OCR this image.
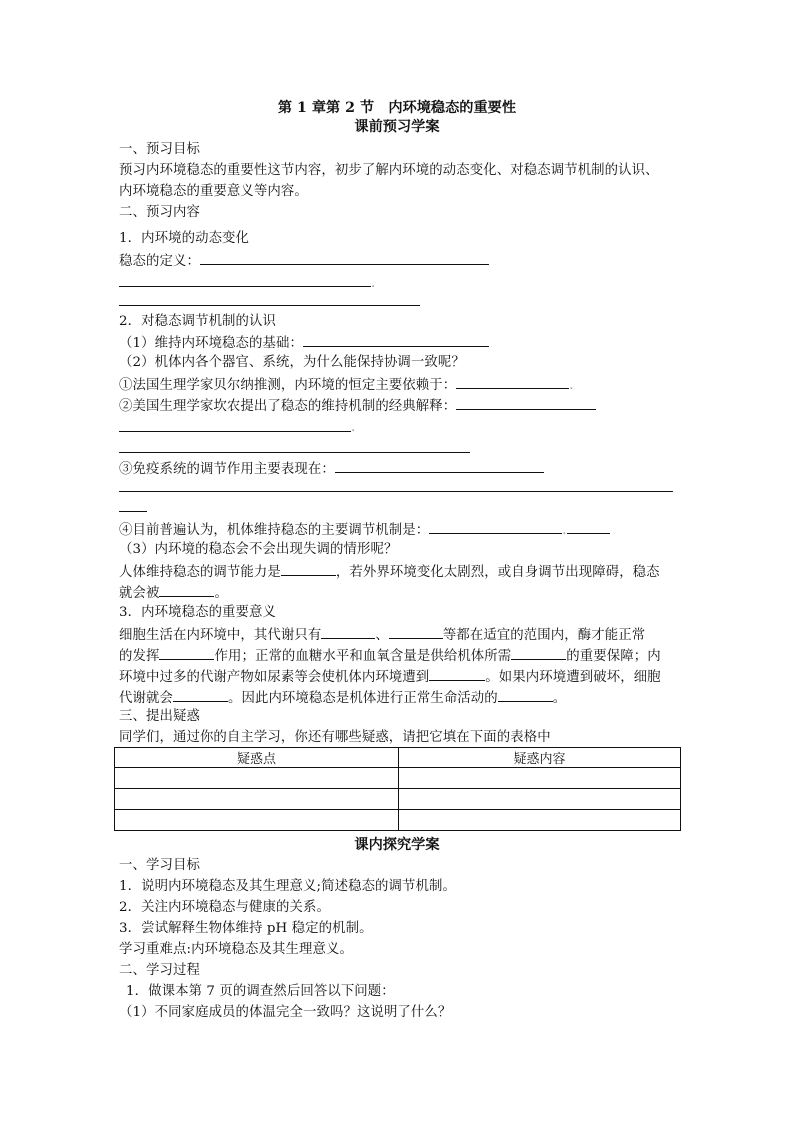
第 1 章第 2 节　内环境稳态的重要性
课前预习学案
一、预习目标
预习内环境稳态的重要性这节内容，初步了解内环境的动态变化、对稳态调节机制的认识、
内环境稳态的重要意义等内容。
二、预习内容
1．内环境的动态变化
稳态的定义：
.
2．对稳态调节机制的认识
（1）维持内环境稳态的基础：
（2）机体内各个器官、系统，为什么能保持协调一致呢？
①法国生理学家贝尔纳推测，内环境的恒定主要依赖于：	.
②美国生理学家坎农提出了稳态的维持机制的经典解释：
.
③免疫系统的调节作用主要表现在：
④目前普遍认为，机体维持稳态的主要调节机制是：	.
（3）内环境的稳态会不会出现失调的情形呢？
人体维持稳态的调节能力是	，若外界环境变化太剧烈，或自身调节出现障碍，稳态
就会被	。
3．内环境稳态的重要意义
细胞生活在内环境中，其代谢只有	、	等都在适宜的范围内，酶才能正常
的发挥	作用；正常的血糖水平和血氧含量是供给机体所需	的重要保障；内
环境中过多的代谢产物如尿素等会使机体内环境遭到	。如果内环境遭到破坏，细胞
代谢就会	。因此内环境稳态是机体进行正常生命活动的	。
三、提出疑惑
同学们，通过你的自主学习，你还有哪些疑惑，请把它填在下面的表格中
疑惑点	疑惑内容

课内探究学案
一、学习目标
1．说明内环境稳态及其生理意义;简述稳态的调节机制。
2．关注内环境稳态与健康的关系。
3．尝试解释生物体维持 pH 稳定的机制。
学习重难点:内环境稳态及其生理意义。
二、学习过程
1．做课本第 7 页的调查然后回答以下问题：
（1）不同家庭成员的体温完全一致吗？这说明了什么？
